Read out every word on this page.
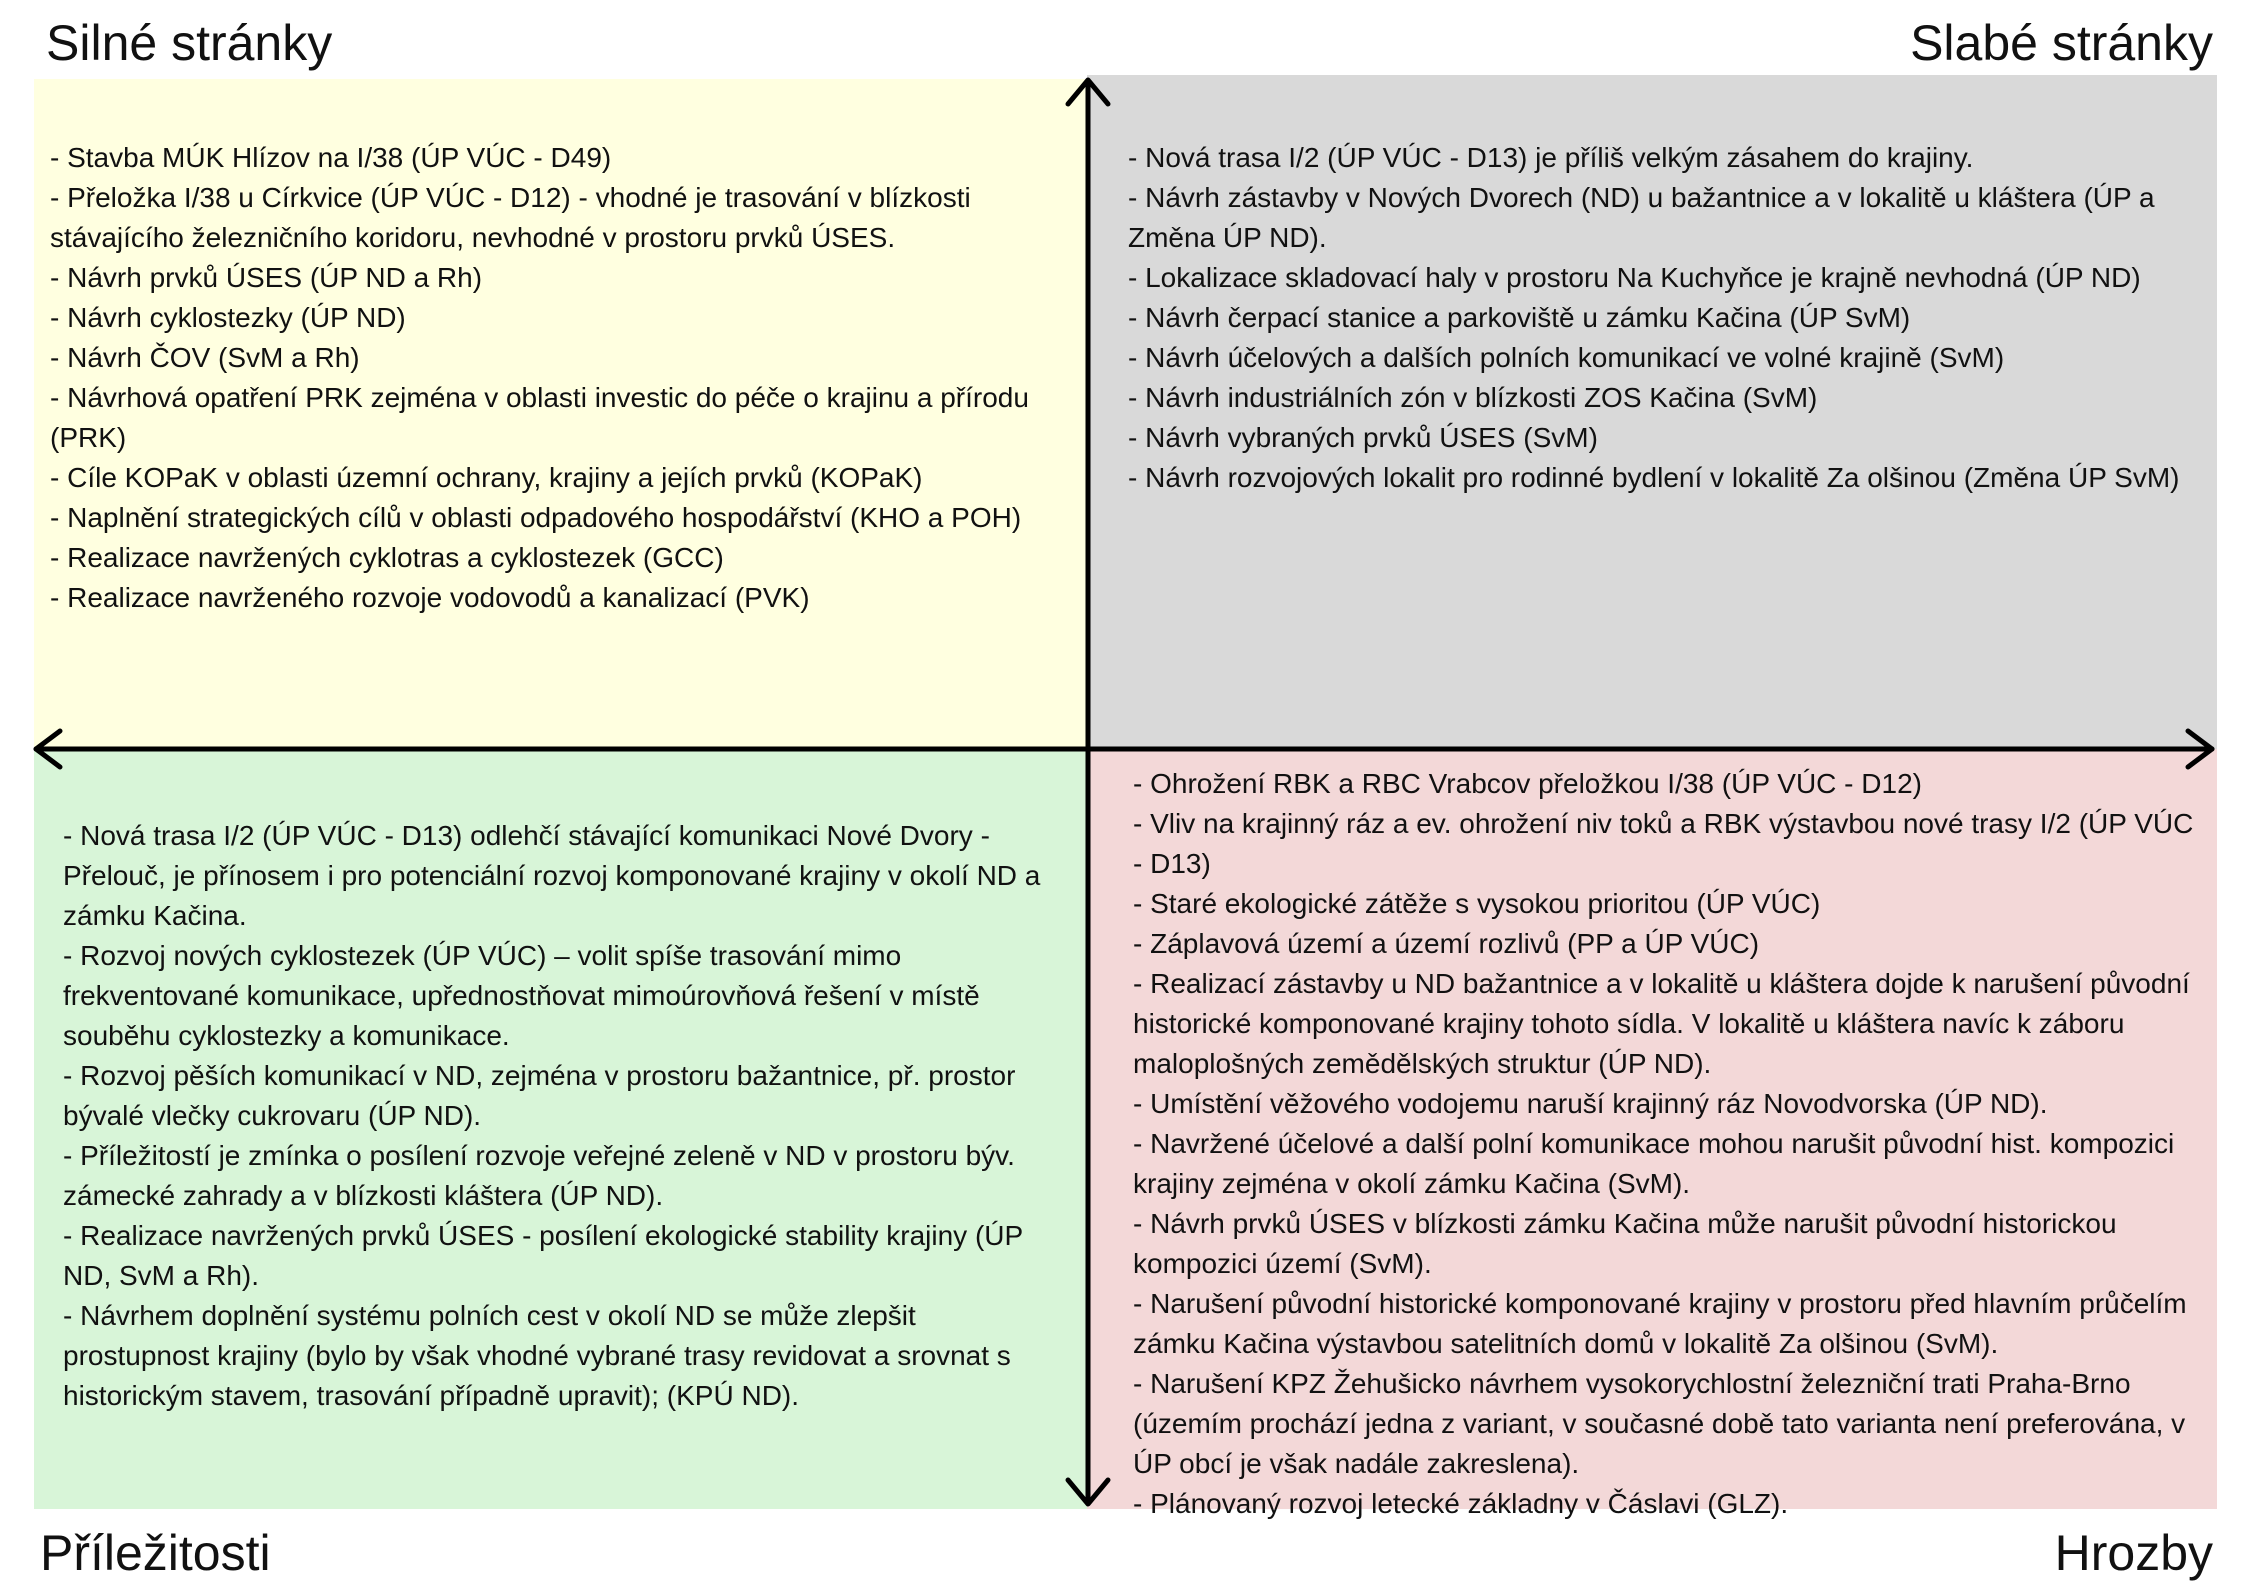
- Stavba MÚK Hlízov na I/38 (ÚP VÚC - D49)
- Přeložka I/38 u Církvice (ÚP VÚC - D12) - vhodné je trasování v blízkosti stávajícího železničního koridoru, nevhodné v prostoru prvků ÚSES.
- Návrh prvků ÚSES (ÚP ND a Rh)
- Návrh cyklostezky (ÚP ND)
- Návrh ČOV (SvM a Rh)
- Návrhová opatření PRK zejména v oblasti investic do péče o krajinu a přírodu (PRK)
- Cíle KOPaK v oblasti územní ochrany, krajiny a jejích prvků (KOPaK)
- Naplnění strategických cílů v oblasti odpadového hospodářství (KHO a POH)
- Realizace navržených cyklotras a cyklostezek (GCC)
- Realizace navrženého rozvoje vodovodů a kanalizací (PVK)
- Nová trasa I/2 (ÚP VÚC - D13) je příliš velkým zásahem do krajiny.
- Návrh zástavby v Nových Dvorech (ND) u bažantnice a v lokalitě u kláštera (ÚP a Změna ÚP ND).
- Lokalizace skladovací haly v prostoru Na Kuchyňce je krajně nevhodná (ÚP ND)
- Návrh čerpací stanice a parkoviště u zámku Kačina (ÚP SvM)
- Návrh účelových a dalších polních komunikací ve volné krajině (SvM)
- Návrh industriálních zón v blízkosti ZOS Kačina (SvM)
- Návrh vybraných prvků ÚSES (SvM)
- Návrh rozvojových lokalit pro rodinné bydlení v lokalitě Za olšinou (Změna ÚP SvM)
- Nová trasa I/2 (ÚP VÚC - D13) odlehčí stávající komunikaci Nové Dvory - Přelouč, je přínosem i pro potenciální rozvoj komponované krajiny v okolí ND a zámku Kačina.
- Rozvoj nových cyklostezek (ÚP VÚC) – volit spíše trasování mimo frekventované komunikace, upřednostňovat mimoúrovňová řešení v místě souběhu cyklostezky a komunikace.
- Rozvoj pěších komunikací v ND, zejména v prostoru bažantnice, př. prostor bývalé vlečky cukrovaru (ÚP ND).
- Příležitostí je zmínka o posílení rozvoje veřejné zeleně v ND v prostoru býv. zámecké zahrady a v blízkosti kláštera (ÚP ND).
- Realizace navržených prvků ÚSES - posílení ekologické stability krajiny (ÚP ND, SvM a Rh).
- Návrhem doplnění systému polních cest v okolí ND se může zlepšit prostupnost krajiny (bylo by však vhodné vybrané trasy revidovat a srovnat s historickým stavem, trasování případně upravit); (KPÚ ND).
- Ohrožení RBK a RBC Vrabcov přeložkou I/38 (ÚP VÚC - D12)
- Vliv na krajinný ráz a ev. ohrožení niv toků a RBK výstavbou nové trasy I/2 (ÚP VÚC - D13)
- Staré ekologické zátěže s vysokou prioritou (ÚP VÚC)
- Záplavová území a území rozlivů (PP a ÚP VÚC)
- Realizací zástavby u ND bažantnice a v lokalitě u kláštera dojde k narušení původní historické komponované krajiny tohoto sídla. V lokalitě u kláštera navíc k záboru maloplošných zemědělských struktur (ÚP ND).
- Umístění věžového vodojemu naruší krajinný ráz Novodvorska (ÚP ND).
- Navržené účelové a další polní komunikace mohou narušit původní hist. kompozici krajiny zejména v okolí zámku Kačina (SvM).
- Návrh prvků ÚSES v blízkosti zámku Kačina může narušit původní historickou kompozici území (SvM).
- Narušení původní historické komponované krajiny v prostoru před hlavním průčelím zámku Kačina výstavbou satelitních domů v lokalitě Za olšinou (SvM).
- Narušení KPZ Žehušicko návrhem vysokorychlostní železniční trati Praha-Brno (územím prochází jedna z variant, v současné době tato varianta není preferována, v ÚP obcí je však nadále zakreslena).
- Plánovaný rozvoj letecké základny v Čáslavi (GLZ).
Silné stránky	Slabé stránky
Příležitosti	Hrozby
